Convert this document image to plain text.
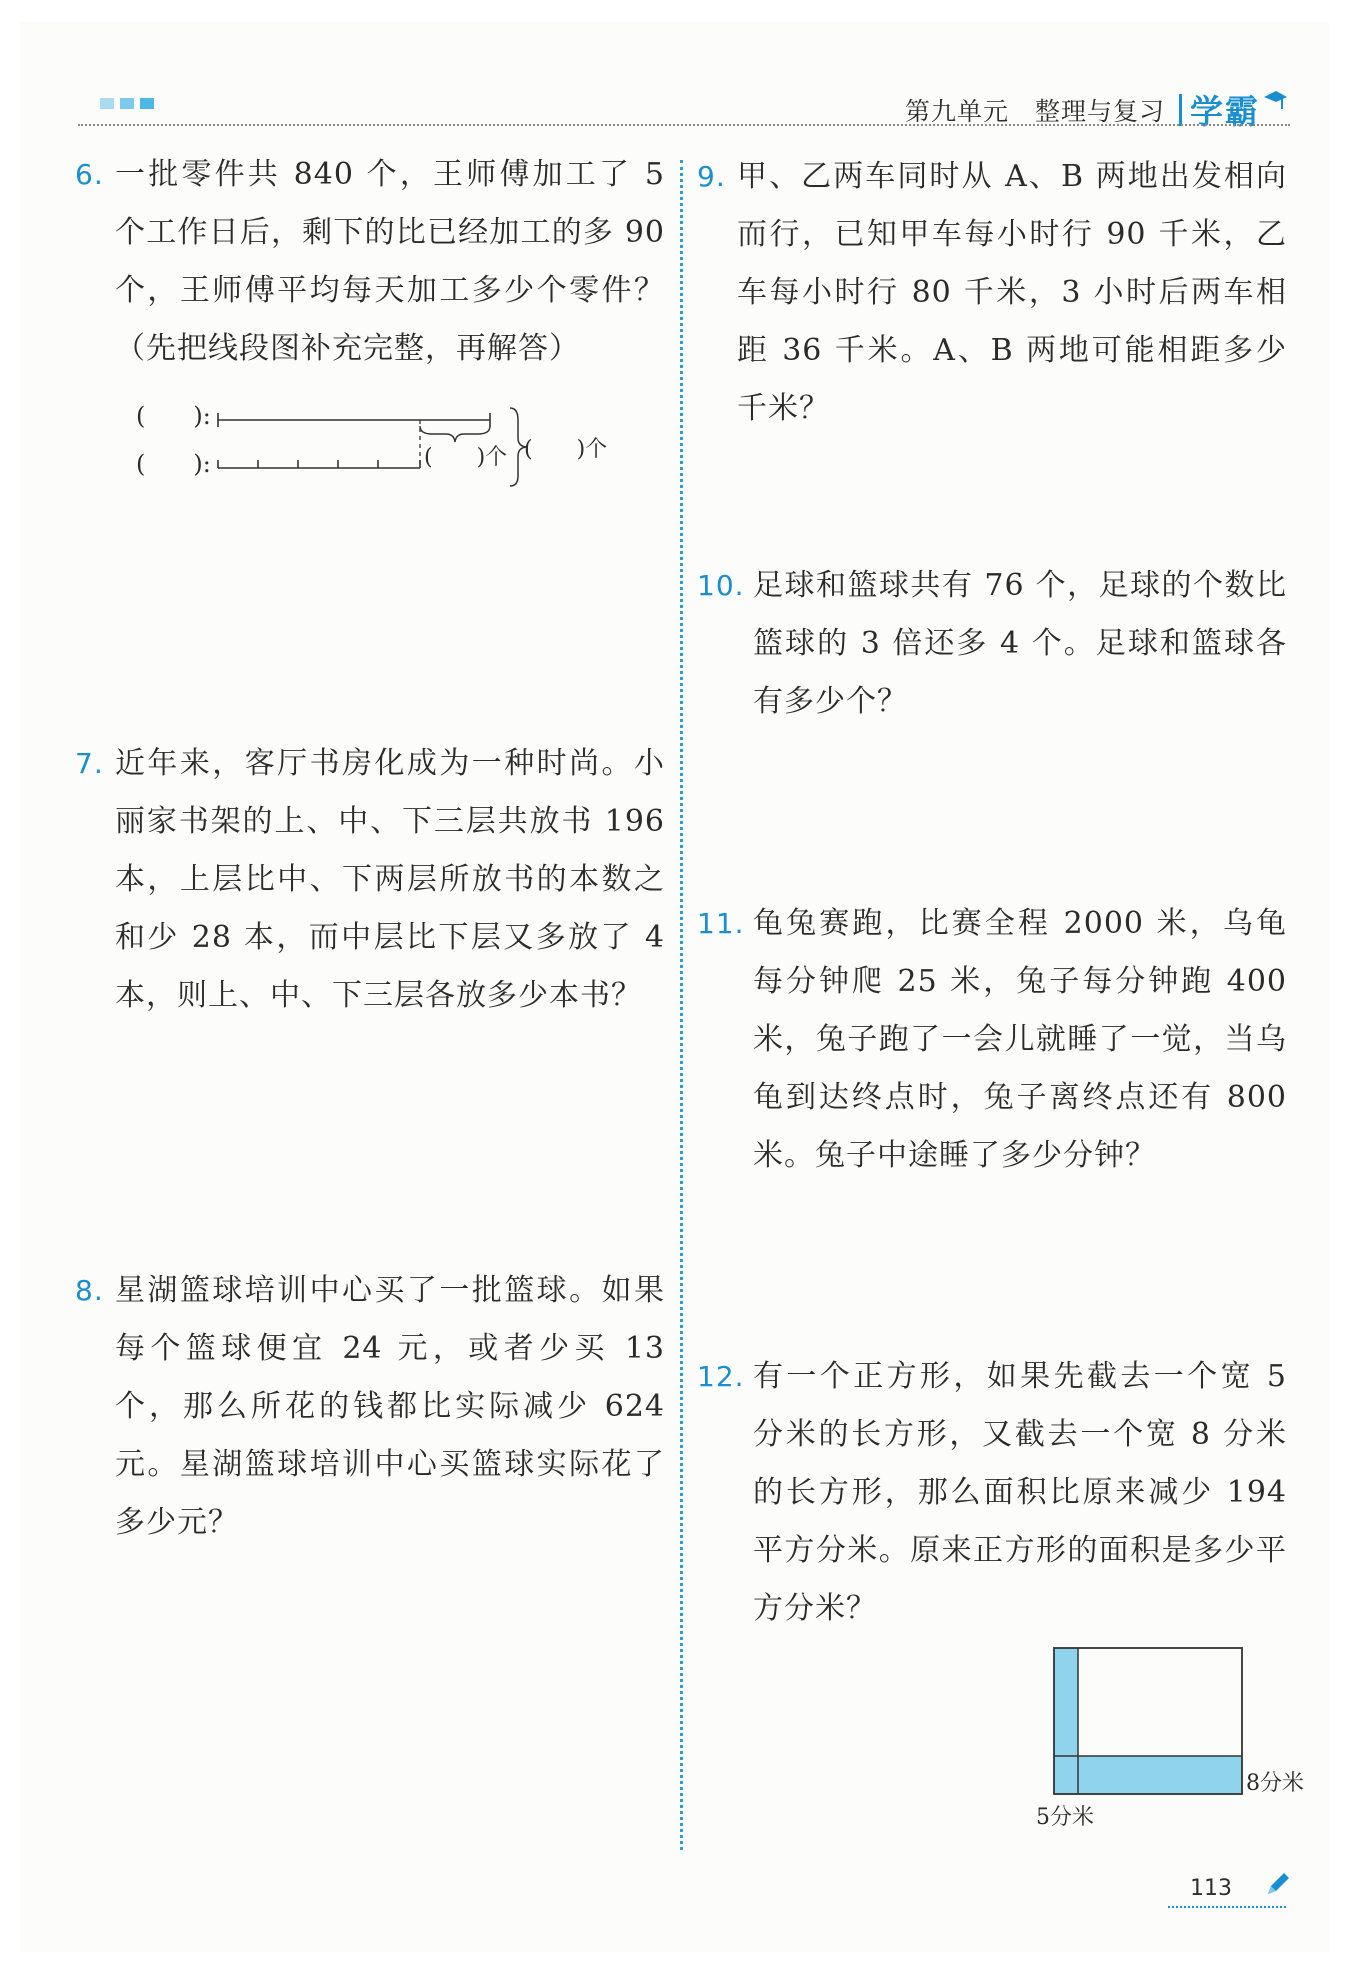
第九单元 整理与复习 学霸
6. 一批零件共 840 个，王师傅加工了 5 个工作日后，剩下的比已经加工的多 90 个，王师傅平均每天加工多少个零件？（先把线段图补充完整，再解答）
(　　):
(　　):	(　　)个 (　　)个
7. 近年来，客厅书房化成为一种时尚。小丽家书架的上、中、下三层共放书 196 本，上层比中、下两层所放书的本数之和少 28 本，而中层比下层又多放了 4 本，则上、中、下三层各放多少本书？
8. 星湖篮球培训中心买了一批篮球。如果每个篮球便宜 24 元，或者少买 13 个，那么所花的钱都比实际减少 624 元。星湖篮球培训中心买篮球实际花了多少元？
9. 甲、乙两车同时从 A、B 两地出发相向而行，已知甲车每小时行 90 千米，乙车每小时行 80 千米，3 小时后两车相距 36 千米。A、B 两地可能相距多少千米？
10. 足球和篮球共有 76 个，足球的个数比篮球的 3 倍还多 4 个。足球和篮球各有多少个？
11. 龟兔赛跑，比赛全程 2000 米，乌龟每分钟爬 25 米，兔子每分钟跑 400 米，兔子跑了一会儿就睡了一觉，当乌龟到达终点时，兔子离终点还有 800 米。兔子中途睡了多少分钟？
12. 有一个正方形，如果先截去一个宽 5 分米的长方形，又截去一个宽 8 分米的长方形，那么面积比原来减少 194 平方分米。原来正方形的面积是多少平方分米？
8分米
5分米
113
